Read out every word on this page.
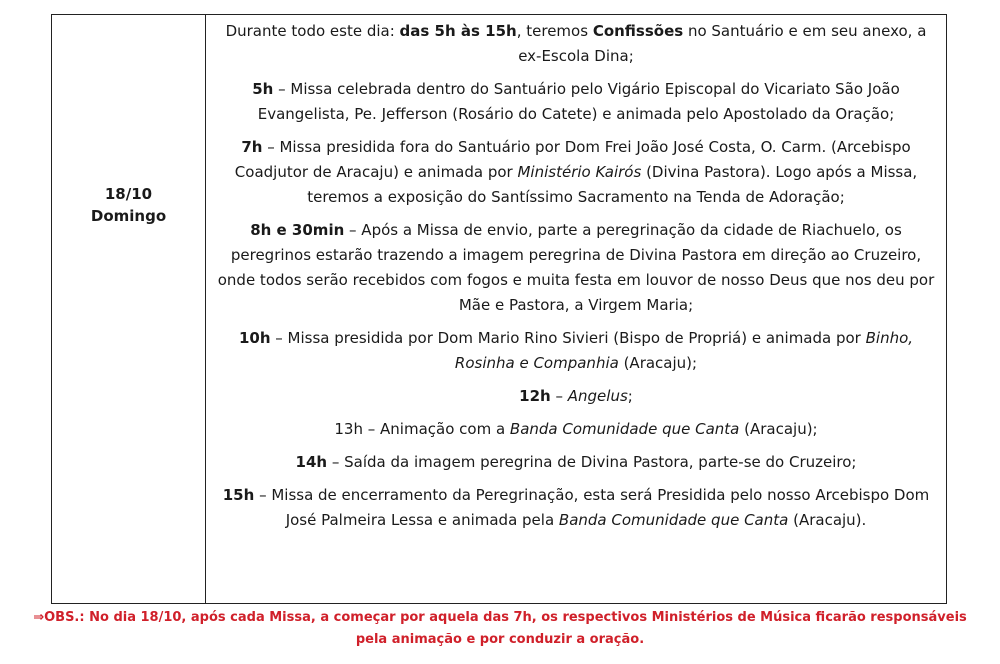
18/10
Domingo

Durante todo este dia: das 5h às 15h, teremos Confissões no Santuário e em seu anexo, a ex-Escola Dina;

5h – Missa celebrada dentro do Santuário pelo Vigário Episcopal do Vicariato São João Evangelista, Pe. Jefferson (Rosário do Catete) e animada pelo Apostolado da Oração;

7h – Missa presidida fora do Santuário por Dom Frei João José Costa, O. Carm. (Arcebispo Coadjutor de Aracaju) e animada por Ministério Kairós (Divina Pastora). Logo após a Missa, teremos a exposição do Santíssimo Sacramento na Tenda de Adoração;

8h e 30min – Após a Missa de envio, parte a peregrinação da cidade de Riachuelo, os peregrinos estarão trazendo a imagem peregrina de Divina Pastora em direção ao Cruzeiro, onde todos serão recebidos com fogos e muita festa em louvor de nosso Deus que nos deu por Mãe e Pastora, a Virgem Maria;

10h – Missa presidida por Dom Mario Rino Sivieri (Bispo de Propriá) e animada por Binho, Rosinha e Companhia (Aracaju);

12h – Angelus;

13h – Animação com a Banda Comunidade que Canta (Aracaju);

14h – Saída da imagem peregrina de Divina Pastora, parte-se do Cruzeiro;

15h – Missa de encerramento da Peregrinação, esta será Presidida pelo nosso Arcebispo Dom José Palmeira Lessa e animada pela Banda Comunidade que Canta (Aracaju).

⇒OBS.: No dia 18/10, após cada Missa, a começar por aquela das 7h, os respectivos Ministérios de Música ficarão responsáveis pela animação e por conduzir a oração.
